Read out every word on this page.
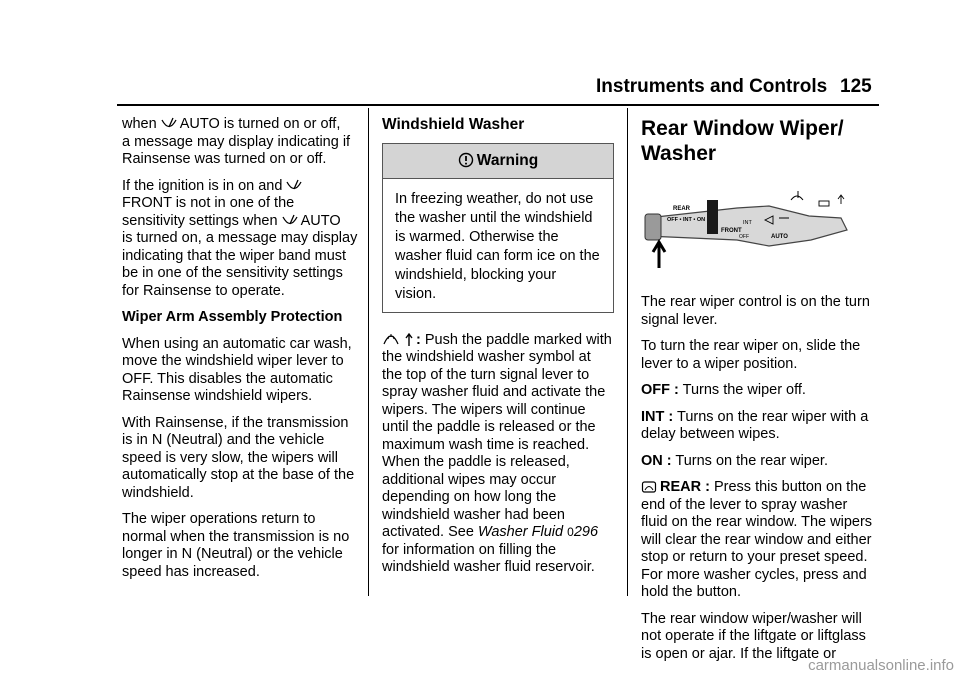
Instruments and Controls 125

when AUTO is turned on or off,
a message may display indicating if Rainsense was turned on or off.

If the ignition is in on and
FRONT is not in one of the
sensitivity settings when AUTO
is turned on, a message may display indicating that the wiper band must be in one of the sensitivity settings for Rainsense to operate.

Wiper Arm Assembly Protection

When using an automatic car wash, move the windshield wiper lever to OFF. This disables the automatic Rainsense windshield wipers.

With Rainsense, if the transmission is in N (Neutral) and the vehicle speed is very slow, the wipers will automatically stop at the base of the windshield.

The wiper operations return to normal when the transmission is no longer in N (Neutral) or the vehicle speed has increased.

Windshield Washer

Warning
In freezing weather, do not use the washer until the windshield is warmed. Otherwise the washer fluid can form ice on the windshield, blocking your vision.

: Push the paddle marked with the windshield washer symbol at the top of the turn signal lever to spray washer fluid and activate the wipers. The wipers will continue until the paddle is released or the maximum wash time is reached. When the paddle is released, additional wipes may occur depending on how long the windshield washer had been activated. See Washer Fluid 0296 for information on filling the windshield washer fluid reservoir.

Rear Window Wiper/ Washer

REAR
OFF • INT • ON
FRONT
INT
OFF	AUTO

The rear wiper control is on the turn signal lever.

To turn the rear wiper on, slide the lever to a wiper position.

OFF : Turns the wiper off.

INT : Turns on the rear wiper with a delay between wipes.

ON : Turns on the rear wiper.

REAR : Press this button on the end of the lever to spray washer fluid on the rear window. The wipers will clear the rear window and either stop or return to your preset speed. For more washer cycles, press and hold the button.

The rear window wiper/washer will not operate if the liftgate or liftglass is open or ajar. If the liftgate or

carmanualsonline.info
